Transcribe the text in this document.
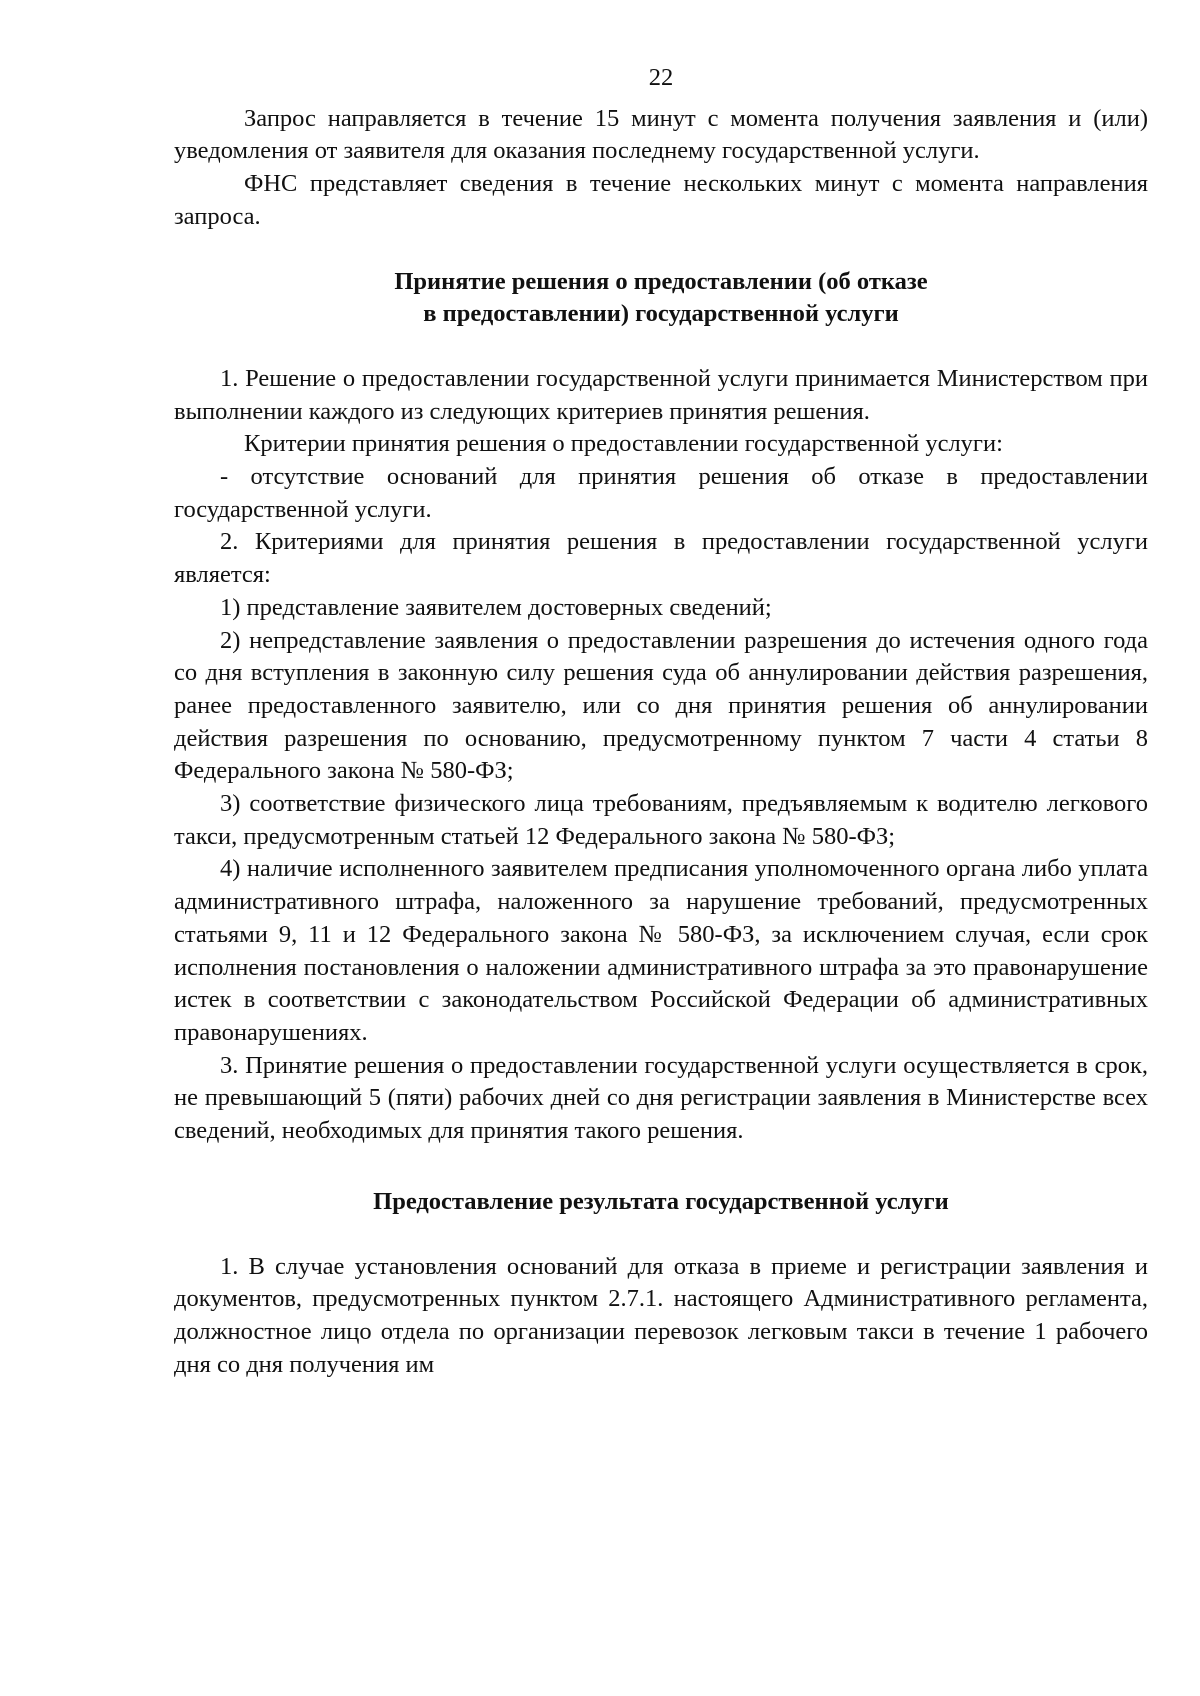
22

Запрос направляется в течение 15 минут с момента получения заявления и (или) уведомления от заявителя для оказания последнему государственной услуги.

ФНС представляет сведения в течение нескольких минут с момента направления запроса.

Принятие решения о предоставлении (об отказе
в предоставлении) государственной услуги

1. Решение о предоставлении государственной услуги принимается Министерством при выполнении каждого из следующих критериев принятия решения.

Критерии принятия решения о предоставлении государственной услуги:

- отсутствие оснований для принятия решения об отказе в предоставлении государственной услуги.

2. Критериями для принятия решения в предоставлении государственной услуги является:

1) представление заявителем достоверных сведений;

2) непредставление заявления о предоставлении разрешения до истечения одного года со дня вступления в законную силу решения суда об аннулировании действия разрешения, ранее предоставленного заявителю, или со дня принятия решения об аннулировании действия разрешения по основанию, предусмотренному пунктом 7 части 4 статьи 8 Федерального закона № 580-ФЗ;

3) соответствие физического лица требованиям, предъявляемым к водителю легкового такси, предусмотренным статьей 12 Федерального закона № 580-ФЗ;

4) наличие исполненного заявителем предписания уполномоченного органа либо уплата административного штрафа, наложенного за нарушение требований, предусмотренных статьями 9, 11 и 12 Федерального закона № 580-ФЗ, за исключением случая, если срок исполнения постановления о наложении административного штрафа за это правонарушение истек в соответствии с законодательством Российской Федерации об административных правонарушениях.

3. Принятие решения о предоставлении государственной услуги осуществляется в срок, не превышающий 5 (пяти) рабочих дней со дня регистрации заявления в Министерстве всех сведений, необходимых для принятия такого решения.

Предоставление результата государственной услуги

1. В случае установления оснований для отказа в приеме и регистрации заявления и документов, предусмотренных пунктом 2.7.1. настоящего Административного регламента, должностное лицо отдела по организации перевозок легковым такси в течение 1 рабочего дня со дня получения им
